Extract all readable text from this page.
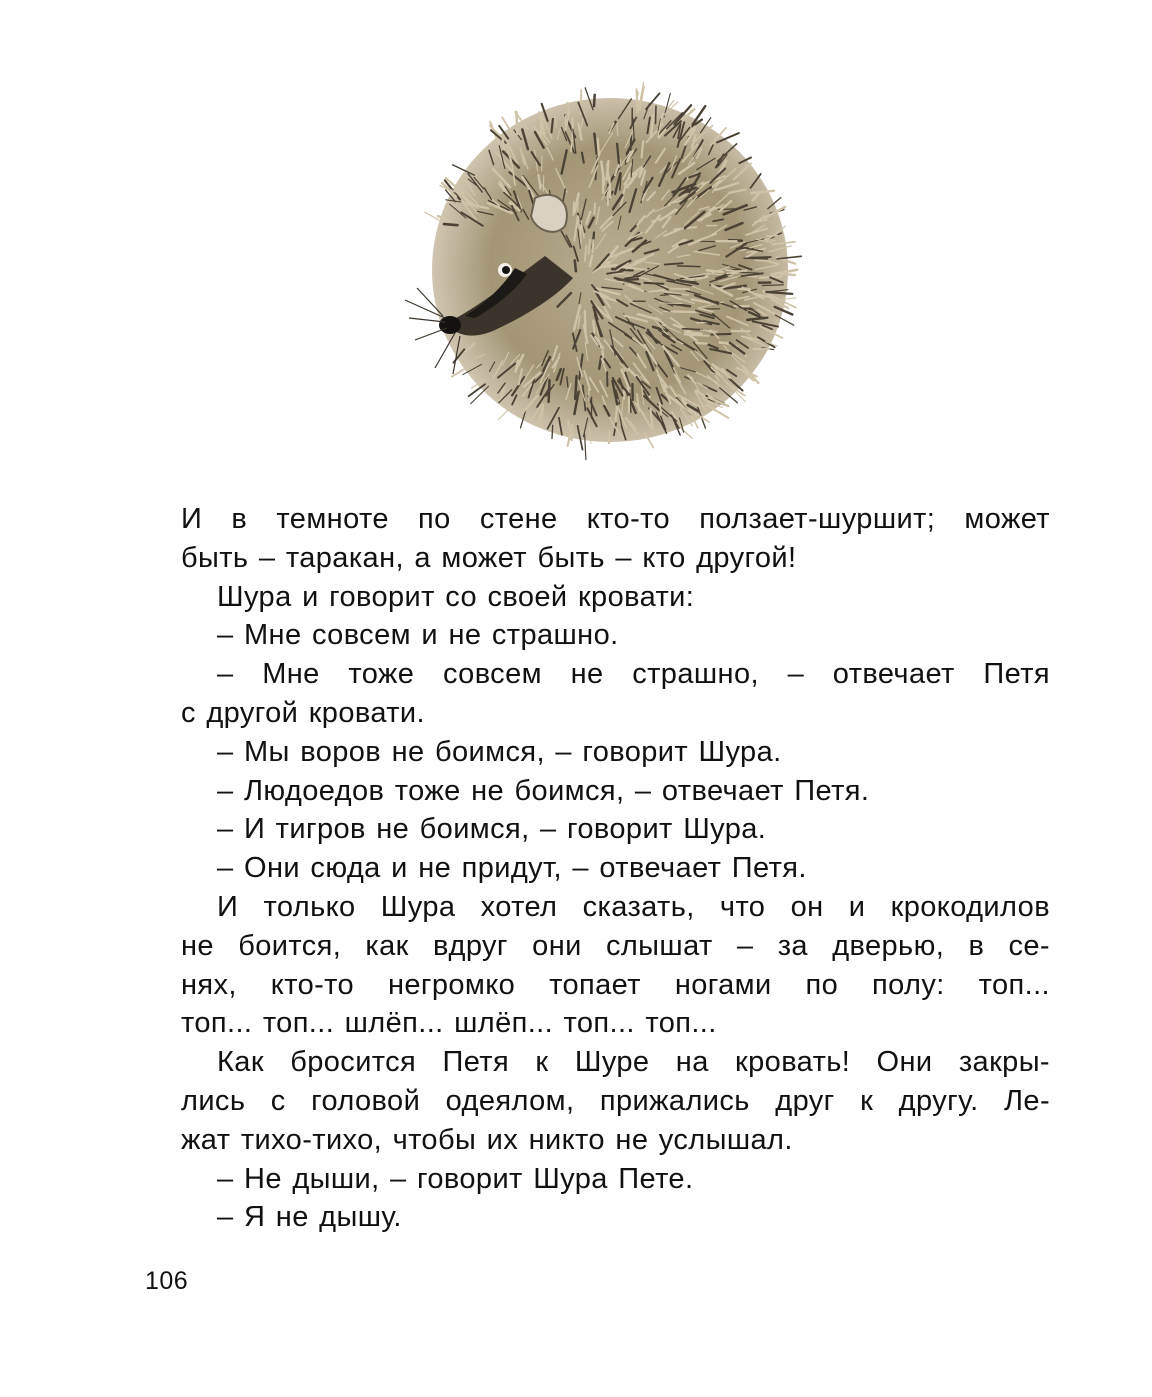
И в темноте по стене кто-то ползает-шуршит; может
быть – таракан, а может быть – кто другой!
Шура и говорит со своей кровати:
– Мне совсем и не страшно.
– Мне тоже совсем не страшно, – отвечает Петя
с другой кровати.
– Мы воров не боимся, – говорит Шура.
– Людоедов тоже не боимся, – отвечает Петя.
– И тигров не боимся, – говорит Шура.
– Они сюда и не придут, – отвечает Петя.
И только Шура хотел сказать, что он и крокодилов
не боится, как вдруг они слышат – за дверью, в се-
нях, кто-то негромко топает ногами по полу: топ...
топ... топ... шлёп... шлёп... топ... топ...
Как бросится Петя к Шуре на кровать! Они закры-
лись с головой одеялом, прижались друг к другу. Ле-
жат тихо-тихо, чтобы их никто не услышал.
– Не дыши, – говорит Шура Пете.
– Я не дышу.
106
